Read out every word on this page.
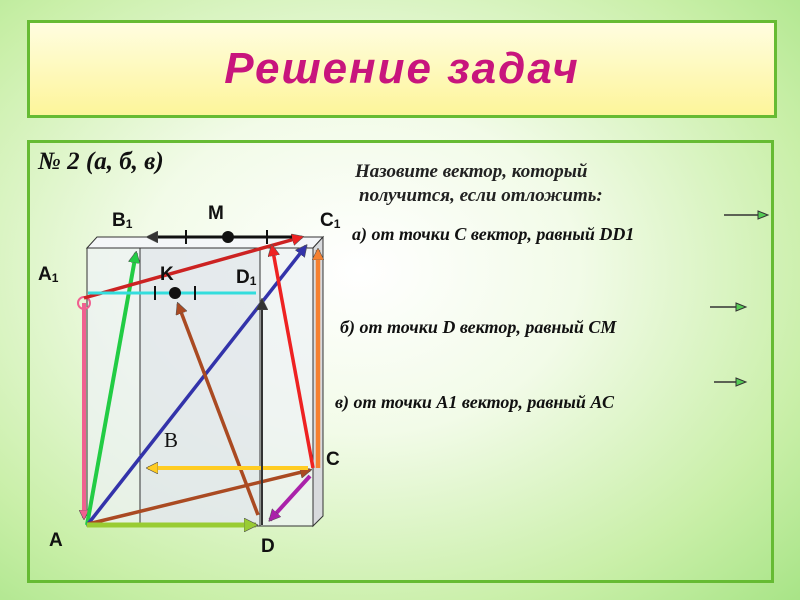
Решение задач
№ 2 (а, б, в)	Назовите вектор, который
получится, если отложить:
а) от точки С вектор, равный DD1
б) от точки D вектор, равный СМ
в) от точки А1 вектор, равный АС
A
B
C
D
A1
B1	C1
D1
K
M
